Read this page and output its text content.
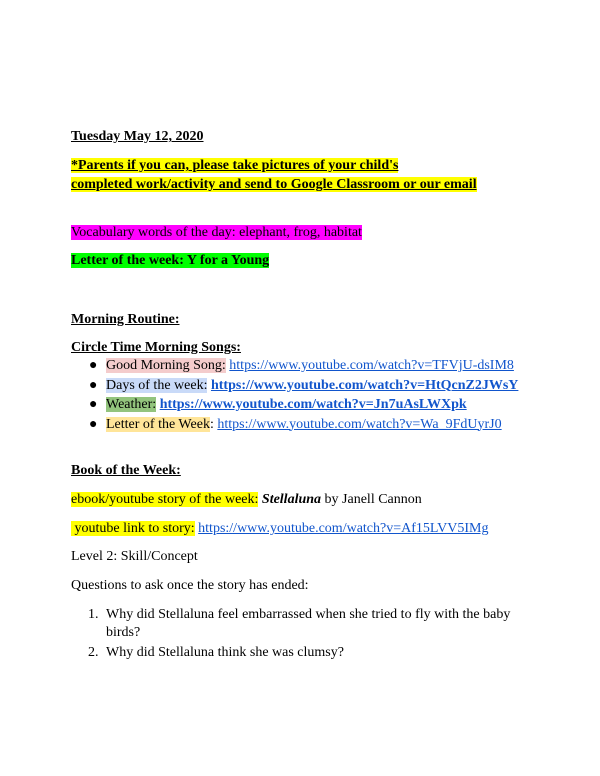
Tuesday May 12, 2020
*Parents if you can, please take pictures of your child's
completed work/activity and send to Google Classroom or our email
Vocabulary words of the day: elephant, frog, habitat
Letter of the week: Y for a Young
Morning Routine:
Circle Time Morning Songs:
● Good Morning Song: https://www.youtube.com/watch?v=TFVjU-dsIM8
● Days of the week: https://www.youtube.com/watch?v=HtQcnZ2JWsY
● Weather: https://www.youtube.com/watch?v=Jn7uAsLWXpk
● Letter of the Week: https://www.youtube.com/watch?v=Wa_9FdUyrJ0
Book of the Week:
ebook/youtube story of the week: Stellaluna by Janell Cannon
youtube link to story: https://www.youtube.com/watch?v=Af15LVV5IMg
Level 2: Skill/Concept
Questions to ask once the story has ended:
1. Why did Stellaluna feel embarrassed when she tried to fly with the baby birds?
2. Why did Stellaluna think she was clumsy?
